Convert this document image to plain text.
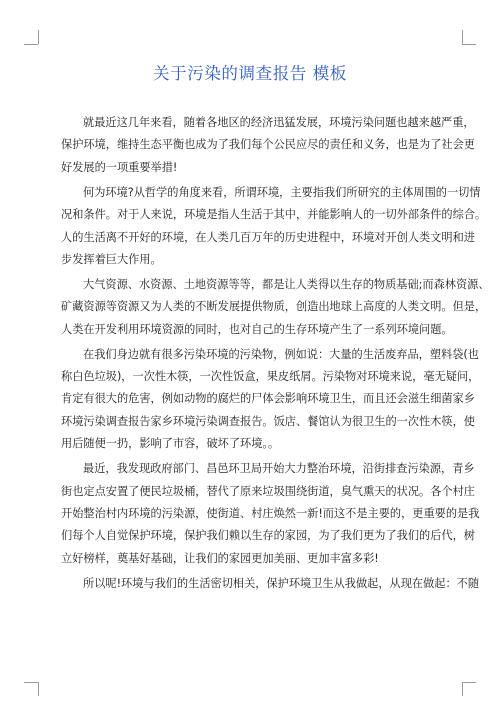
关于污染的调查报告 模板
就最近这几年来看，随着各地区的经济迅猛发展，环境污染问题也越来越严重，
保护环境，维持生态平衡也成为了我们每个公民应尽的责任和义务，也是为了社会更
好发展的一项重要举措!
何为环境?从哲学的角度来看，所谓环境，主要指我们所研究的主体周围的一切情
况和条件。对于人来说，环境是指人生活于其中，并能影响人的一切外部条件的综合。
人的生活离不开好的环境，在人类几百万年的历史进程中，环境对开创人类文明和进
步发挥着巨大作用。
大气资源、水资源、土地资源等等，都是让人类得以生存的物质基础;而森林资源、
矿藏资源等资源又为人类的不断发展提供物质，创造出地球上高度的人类文明。但是，
人类在开发利用环境资源的同时，也对自己的生存环境产生了一系列环境问题。
在我们身边就有很多污染环境的污染物，例如说：大量的生活废弃品，塑料袋(也
称白色垃圾)，一次性木筷，一次性饭盒，果皮纸屑。污染物对环境来说，毫无疑问，
肯定有很大的危害，例如动物的腐烂的尸体会影响环境卫生，而且还会滋生细菌家乡
环境污染调查报告家乡环境污染调查报告。饭店、餐馆认为很卫生的一次性木筷，使
用后随便一扔，影响了市容，破坏了环境。。
最近，我发现政府部门、昌邑环卫局开始大力整治环境，沿街排查污染源，青乡
街也定点安置了便民垃圾桶，替代了原来垃圾围绕街道，臭气熏天的状况。各个村庄
开始整治村内环境的污染源，使街道、村庄焕然一新!而这不是主要的，更重要的是我
们每个人自觉保护环境，保护我们赖以生存的家园，为了我们更为了我们的后代，树
立好榜样，奠基好基础，让我们的家园更加美丽、更加丰富多彩!
所以呢!环境与我们的生活密切相关，保护环境卫生从我做起，从现在做起：不随
